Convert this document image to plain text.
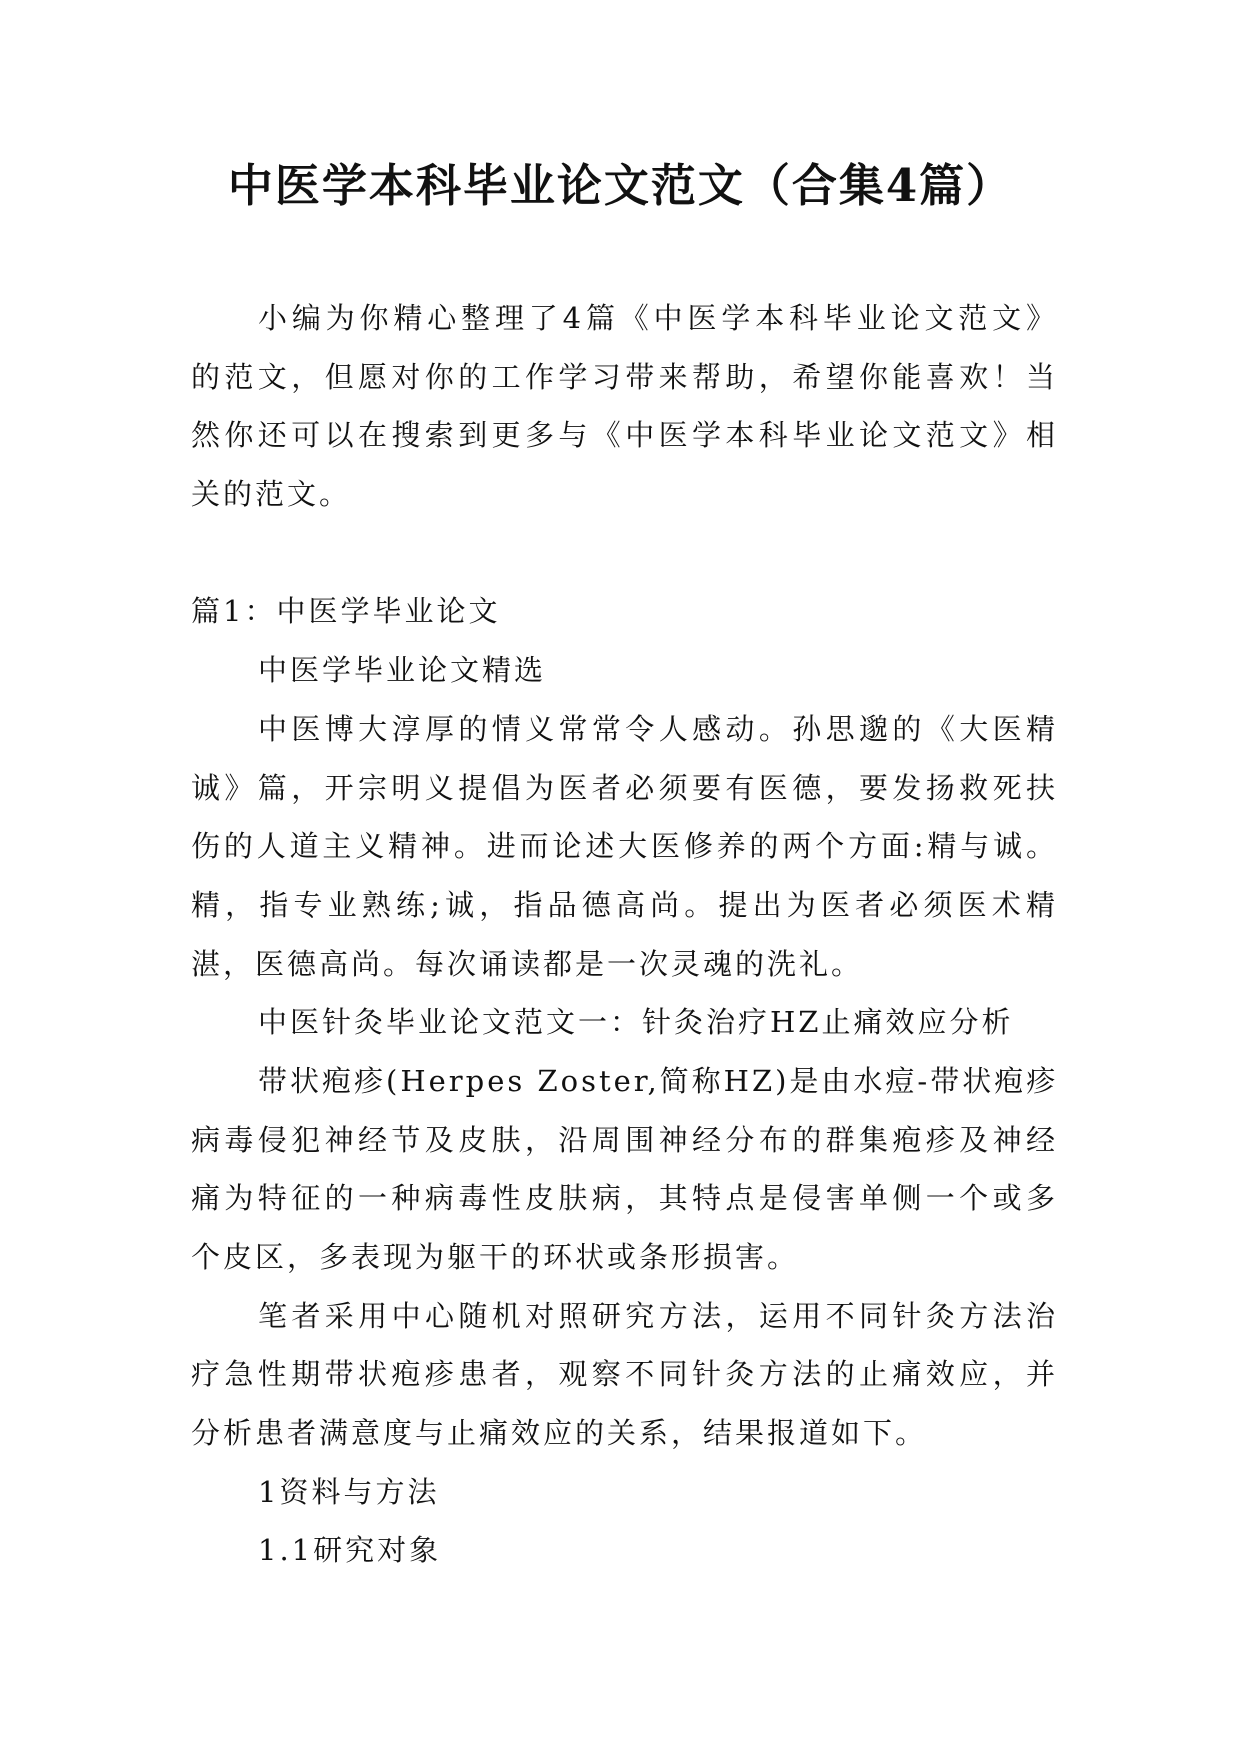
中医学本科毕业论文范文（合集4篇）
小编为你精心整理了4篇《中医学本科毕业论文范文》
的范文，但愿对你的工作学习带来帮助，希望你能喜欢！当
然你还可以在搜索到更多与《中医学本科毕业论文范文》相
关的范文。
篇1：中医学毕业论文
中医学毕业论文精选
中医博大淳厚的情义常常令人感动。孙思邈的《大医精
诚》篇，开宗明义提倡为医者必须要有医德，要发扬救死扶
伤的人道主义精神。进而论述大医修养的两个方面:精与诚。
精，指专业熟练;诚，指品德高尚。提出为医者必须医术精
湛，医德高尚。每次诵读都是一次灵魂的洗礼。
中医针灸毕业论文范文一：针灸治疗HZ止痛效应分析
带状疱疹(Herpes Zoster,简称HZ)是由水痘-带状疱疹
病毒侵犯神经节及皮肤，沿周围神经分布的群集疱疹及神经
痛为特征的一种病毒性皮肤病，其特点是侵害单侧一个或多
个皮区，多表现为躯干的环状或条形损害。
笔者采用中心随机对照研究方法，运用不同针灸方法治
疗急性期带状疱疹患者，观察不同针灸方法的止痛效应，并
分析患者满意度与止痛效应的关系，结果报道如下。
1资料与方法
1.1研究对象
